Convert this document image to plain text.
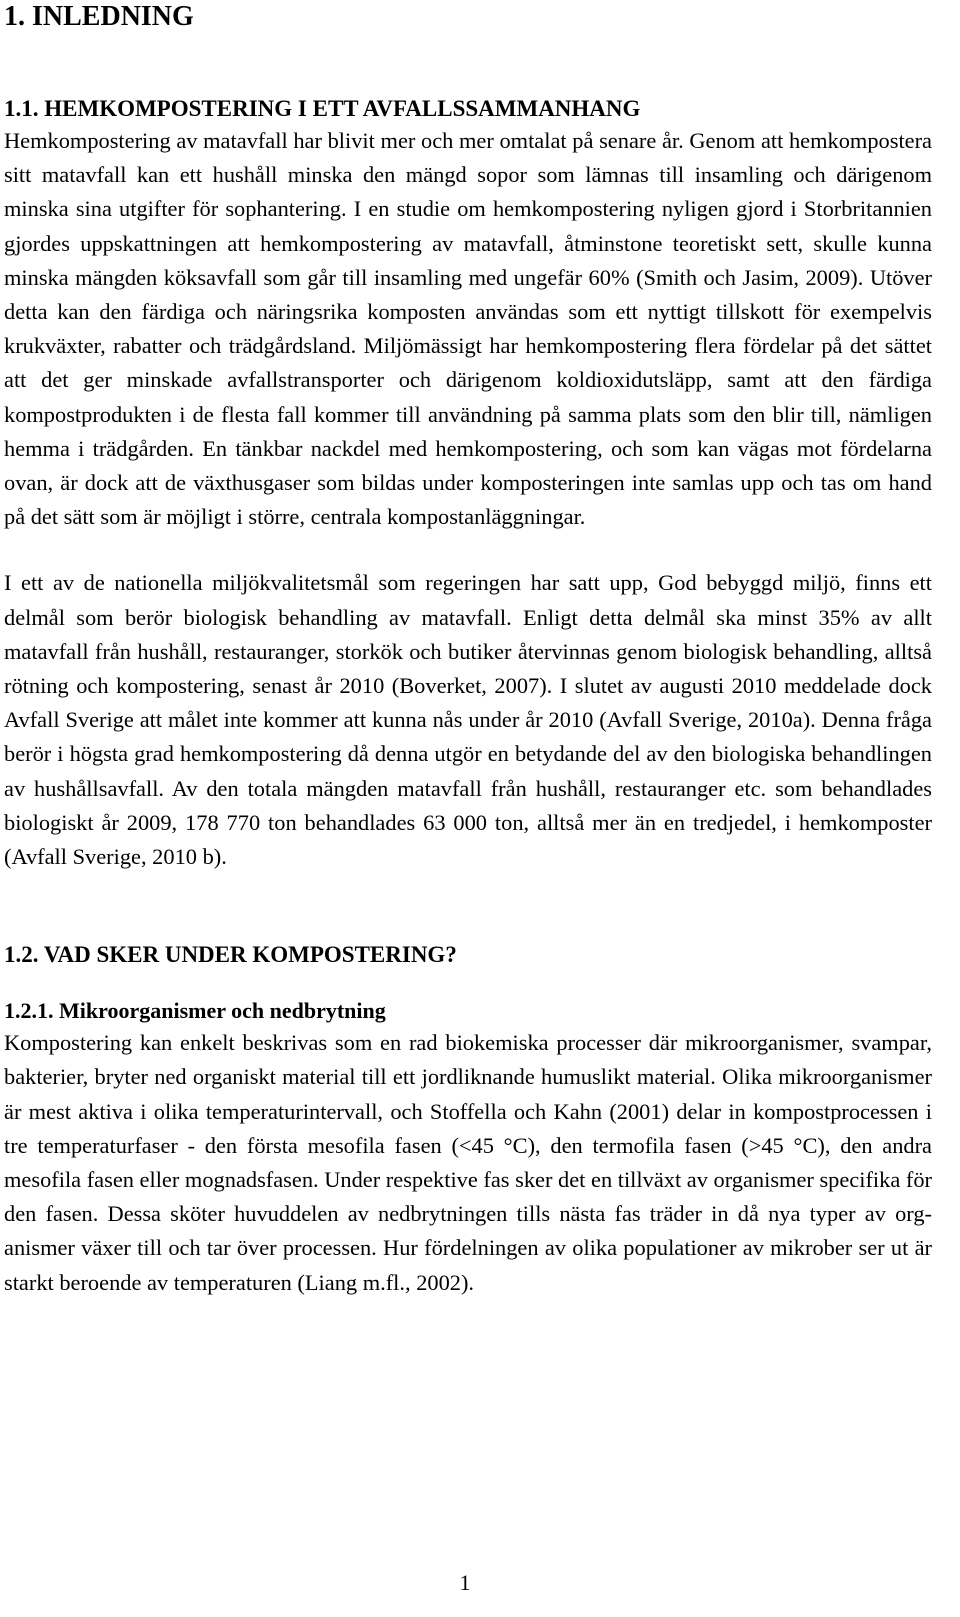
1. INLEDNING
1.1. HEMKOMPOSTERING I ETT AVFALLSSAMMANHANG

Hemkompostering av matavfall har blivit mer och mer omtalat på senare år. Genom att hemkompostera sitt matavfall kan ett hushåll minska den mängd sopor som lämnas till insamling och därigenom minska sina utgifter för sophantering. I en studie om hemkompostering nyligen gjord i Storbritannien gjordes uppskattningen att hemkompostering av matavfall, åtminstone teoretiskt sett, skulle kunna minska mängden köksavfall som går till insamling med ungefär 60% (Smith och Jasim, 2009). Utöver detta kan den färdiga och näringsrika komposten användas som ett nyttigt tillskott för exempelvis krukväxter, rabatter och trädgårdsland. Miljömässigt har hemkompostering flera fördelar på det sättet att det ger minskade avfallstransporter och därigenom koldioxidutsläpp, samt att den färdiga kompostprodukten i de flesta fall kommer till användning på samma plats som den blir till, nämligen hemma i trädgården. En tänkbar nackdel med hemkompostering, och som kan vägas mot fördelarna ovan, är dock att de växthusgaser som bildas under komposteringen inte samlas upp och tas om hand på det sätt som är möjligt i större, centrala kompostanläggningar.

I ett av de nationella miljökvalitetsmål som regeringen har satt upp, God bebyggd miljö, finns ett delmål som berör biologisk behandling av matavfall. Enligt detta delmål ska minst 35% av allt matavfall från hushåll, restauranger, storkök och butiker återvinnas genom biologisk behandling, alltså rötning och kompostering, senast år 2010 (Boverket, 2007). I slutet av augusti 2010 meddelade dock Avfall Sverige att målet inte kommer att kunna nås under år 2010 (Avfall Sverige, 2010a). Denna fråga berör i högsta grad hemkompostering då denna utgör en betydande del av den biologiska behandlingen av hushållsavfall. Av den totala mängden matavfall från hushåll, restauranger etc. som behandlades biologiskt år 2009, 178 770 ton behandlades 63 000 ton, alltså mer än en tredjedel, i hemkomposter (Avfall Sverige, 2010 b).

1.2. VAD SKER UNDER KOMPOSTERING?
1.2.1. Mikroorganismer och nedbrytning

Kompostering kan enkelt beskrivas som en rad biokemiska processer där mikroorganismer, svampar, bakterier, bryter ned organiskt material till ett jordliknande humuslikt material. Olika mikroorganismer är mest aktiva i olika temperaturintervall, och Stoffella och Kahn (2001) delar in kompostprocessen i tre temperaturfaser - den första mesofila fasen (<45 °C), den termofila fasen (>45 °C), den andra mesofila fasen eller mognadsfasen. Under respektive fas sker det en tillväxt av organismer specifika för den fasen. Dessa sköter huvuddelen av nedbrytningen tills nästa fas träder in då nya typer av organismer växer till och tar över processen. Hur fördelningen av olika populationer av mikrober ser ut är starkt beroende av temperaturen (Liang m.fl., 2002).

1
